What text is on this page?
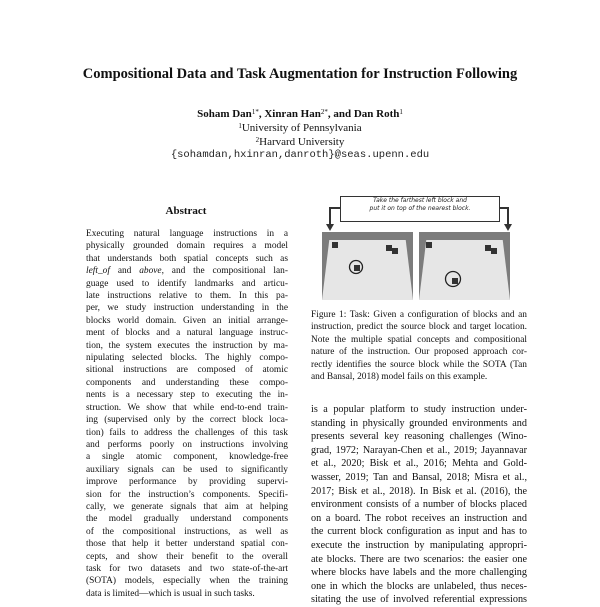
Compositional Data and Task Augmentation for Instruction Following
Soham Dan$^{1*}$, Xinran Han$^{2*}$, and Dan Roth$^1$
$^1$University of Pennsylvania
$^2$Harvard University
{sohamdan,hxinran,danroth}@seas.upenn.edu
Abstract
Executing natural language instructions in a
physically grounded domain requires a model
that understands both spatial concepts such as
left_of and above, and the compositional lan-
guage used to identify landmarks and articu-
late instructions relative to them. In this pa-
per, we study instruction understanding in the
blocks world domain. Given an initial arrange-
ment of blocks and a natural language instruc-
tion, the system executes the instruction by ma-
nipulating selected blocks. The highly compo-
sitional instructions are composed of atomic
components and understanding these compo-
nents is a necessary step to executing the in-
struction. We show that while end-to-end train-
ing (supervised only by the correct block loca-
tion) fails to address the challenges of this task
and performs poorly on instructions involving
a single atomic component, knowledge-free
auxiliary signals can be used to significantly
improve performance by providing supervi-
sion for the instruction’s components. Specifi-
cally, we generate signals that aim at helping
the model gradually understand components
of the compositional instructions, as well as
those that help it better understand spatial con-
cepts, and show their benefit to the overall
task for two datasets and two state-of-the-art
(SOTA) models, especially when the training
data is limited—which is usual in such tasks.
Take the farthest left block and
put it on top of the nearest block.
Figure 1: Task: Given a configuration of blocks and an
instruction, predict the source block and target location.
Note the multiple spatial concepts and compositional
nature of the instruction. Our proposed approach cor-
rectly identifies the source block while the SOTA (Tan
and Bansal, 2018) model fails on this example.
is a popular platform to study instruction under-
standing in physically grounded environments and
presents several key reasoning challenges (Wino-
grad, 1972; Narayan-Chen et al., 2019; Jayannavar
et al., 2020; Bisk et al., 2016; Mehta and Gold-
wasser, 2019; Tan and Bansal, 2018; Misra et al.,
2017; Bisk et al., 2018). In Bisk et al. (2016), the
environment consists of a number of blocks placed
on a board. The robot receives an instruction and
the current block configuration as input and has to
execute the instruction by manipulating appropri-
ate blocks. There are two scenarios: the easier one
where blocks have labels and the more challenging
one in which the blocks are unlabeled, thus neces-
sitating the use of involved referential expressions
